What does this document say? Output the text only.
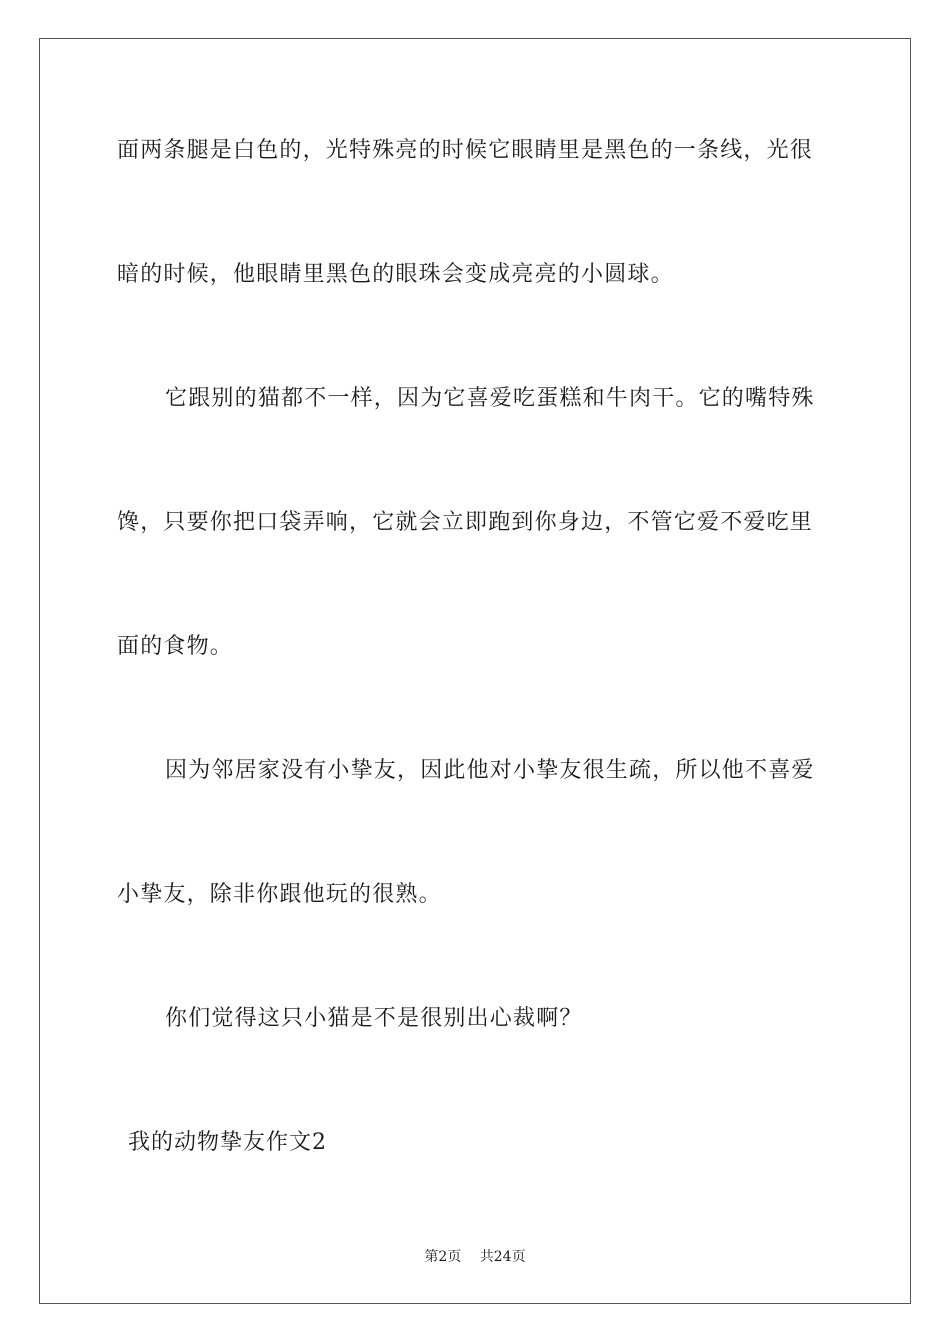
面两条腿是白色的，光特殊亮的时候它眼睛里是黑色的一条线，光很
暗的时候，他眼睛里黑色的眼珠会变成亮亮的小圆球。
它跟别的猫都不一样，因为它喜爱吃蛋糕和牛肉干。它的嘴特殊
馋，只要你把口袋弄响，它就会立即跑到你身边，不管它爱不爱吃里
面的食物。
因为邻居家没有小挚友，因此他对小挚友很生疏，所以他不喜爱
小挚友，除非你跟他玩的很熟。
你们觉得这只小猫是不是很别出心裁啊？
我的动物挚友作文2
第2页　 共24页
